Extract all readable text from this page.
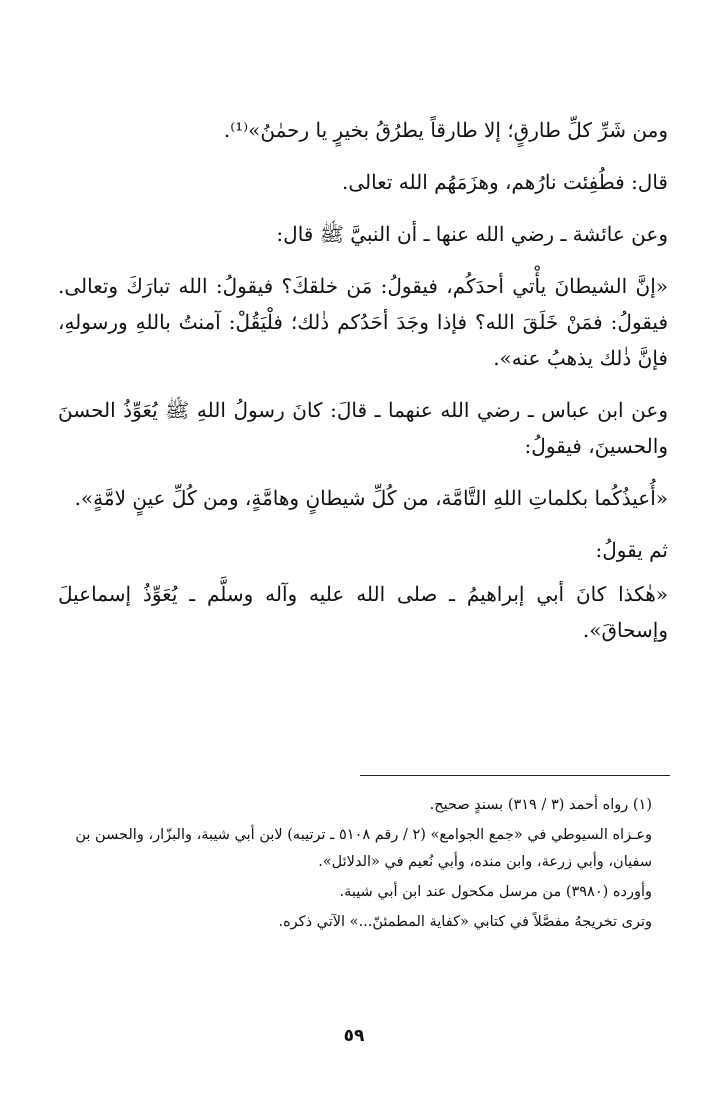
ومن شَرِّ كلِّ طارقٍ؛ إلا طارقاً يطرُقُ بخيرٍ يا رحمٰنُ»⁽¹⁾.

قال: فطُفِئت نارُهم، وهزَمَهُم الله تعالى.

وعن عائشة ـ رضي الله عنها ـ أن النبيَّ ﷺ قال:

«إنَّ الشيطانَ يأْتي أحدَكُم، فيقولُ: مَن خلقكَ؟ فيقولُ: الله تبارَكَ وتعالى. فيقولُ: فمَنْ خَلَقَ الله؟ فإذا وجَدَ أحَدُكم ذٰلك؛ فلْيَقُلْ: آمنتُ باللهِ ورسولهِ، فإنَّ ذٰلك يذهبُ عنه».

وعن ابن عباس ـ رضي الله عنهما ـ قالَ: كانَ رسولُ اللهِ ﷺ يُعَوِّذُ الحسنَ والحسينَ، فيقولُ:

«أُعيذُكُما بكلماتِ اللهِ التَّامَّة، من كُلِّ شيطانٍ وهامَّةٍ، ومن كُلِّ عينٍ لامَّةٍ».

ثم يقولُ:

«هٰكذا كانَ أبي إبراهيمُ ـ صلى الله عليه وآله وسلَّم ـ يُعَوِّذُ إسماعيلَ وإسحاقَ».

(١) رواه أحمد (٣ / ٣١٩) بسندٍ صحيح.

وعـزاه السيوطي في «جمع الجوامع» (٢ / رقم ٥١٠٨ ـ ترتيبه) لابن أبي شيبة، والبزّار، والحسن بن سفيان، وأبي زرعة، وابن منده، وأبي نُعيم في «الدلائل».

وأورده (٣٩٨٠) من مرسل مكحول عند ابن أبي شيبة.

وترى تخريجهُ مفصَّلاً في كتابي «كفاية المطمئنّ...» الآتي ذكره.

٥٩
